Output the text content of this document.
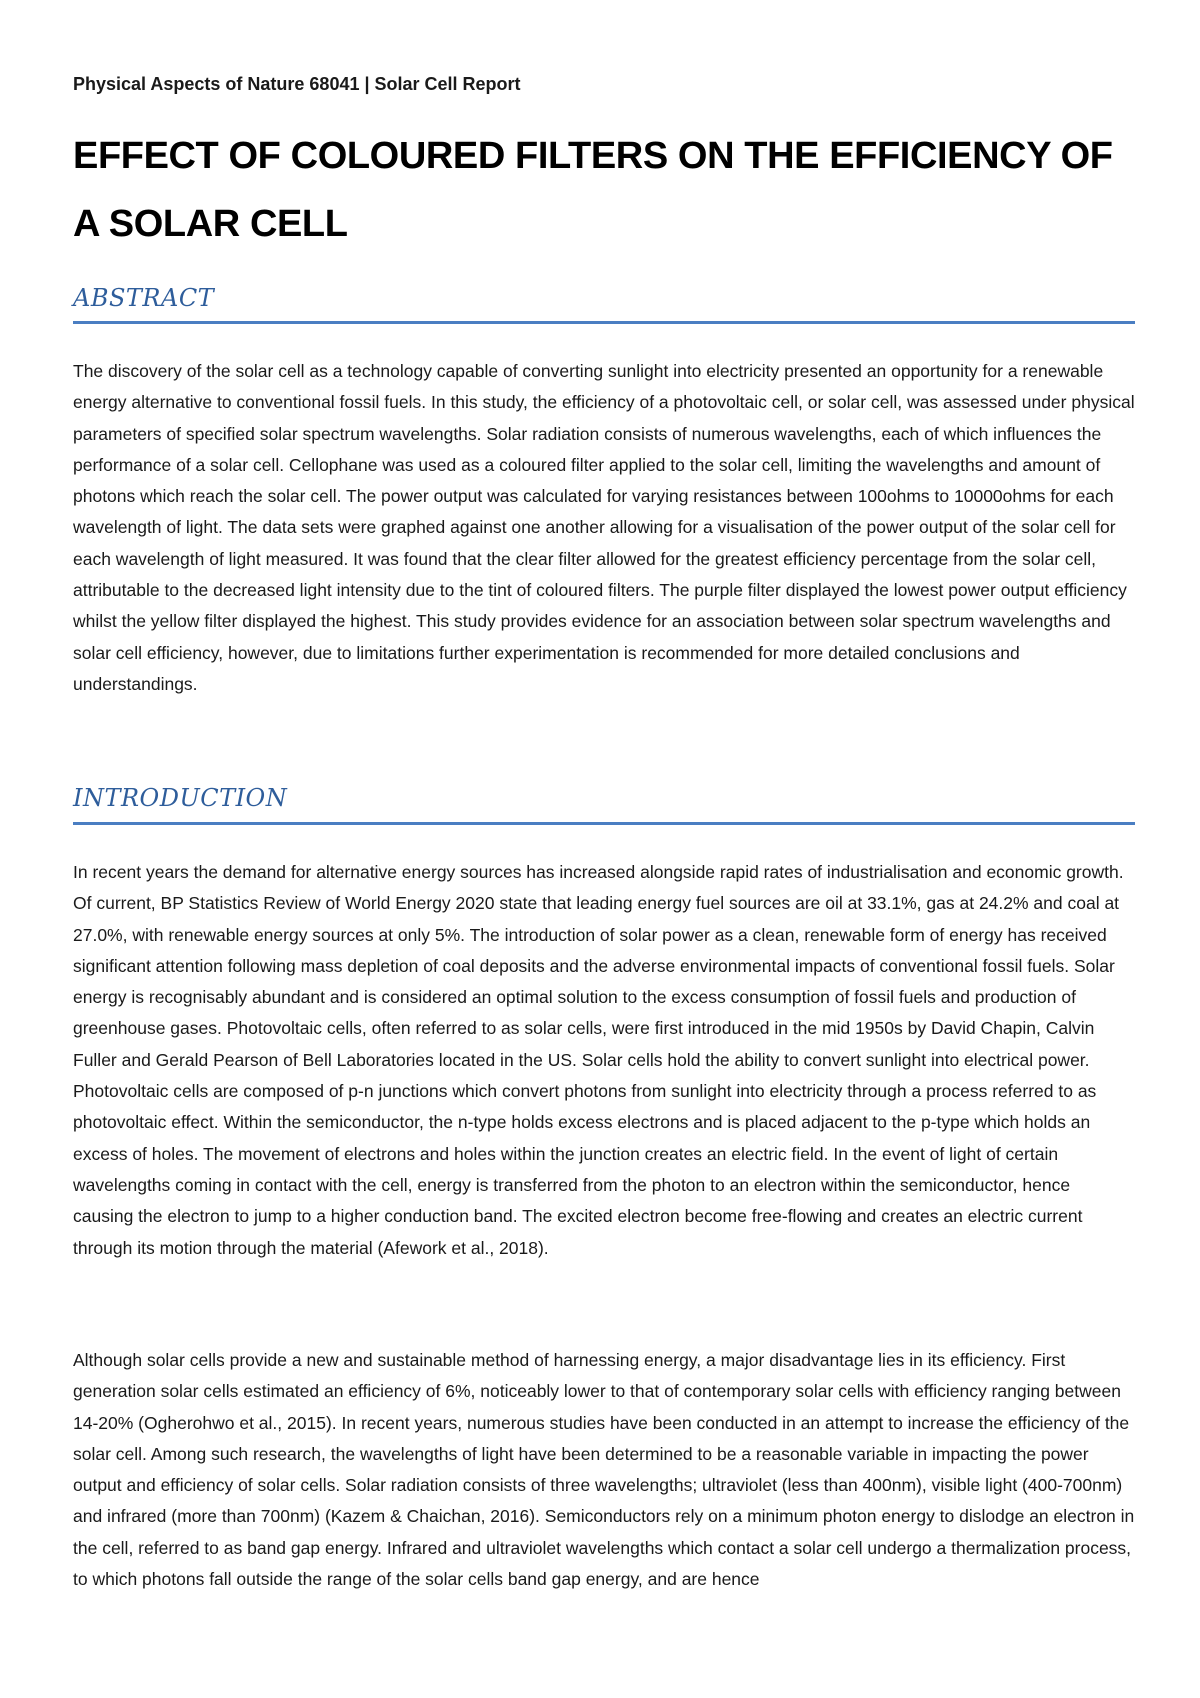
Physical Aspects of Nature 68041 | Solar Cell Report
EFFECT OF COLOURED FILTERS ON THE EFFICIENCY OF A SOLAR CELL
ABSTRACT

The discovery of the solar cell as a technology capable of converting sunlight into electricity presented an opportunity for a renewable energy alternative to conventional fossil fuels. In this study, the efficiency of a photovoltaic cell, or solar cell, was assessed under physical parameters of specified solar spectrum wavelengths. Solar radiation consists of numerous wavelengths, each of which influences the performance of a solar cell. Cellophane was used as a coloured filter applied to the solar cell, limiting the wavelengths and amount of photons which reach the solar cell. The power output was calculated for varying resistances between 100ohms to 10000ohms for each wavelength of light. The data sets were graphed against one another allowing for a visualisation of the power output of the solar cell for each wavelength of light measured. It was found that the clear filter allowed for the greatest efficiency percentage from the solar cell, attributable to the decreased light intensity due to the tint of coloured filters. The purple filter displayed the lowest power output efficiency whilst the yellow filter displayed the highest. This study provides evidence for an association between solar spectrum wavelengths and solar cell efficiency, however, due to limitations further experimentation is recommended for more detailed conclusions and understandings.

INTRODUCTION

In recent years the demand for alternative energy sources has increased alongside rapid rates of industrialisation and economic growth. Of current, BP Statistics Review of World Energy 2020 state that leading energy fuel sources are oil at 33.1%, gas at 24.2% and coal at 27.0%, with renewable energy sources at only 5%. The introduction of solar power as a clean, renewable form of energy has received significant attention following mass depletion of coal deposits and the adverse environmental impacts of conventional fossil fuels. Solar energy is recognisably abundant and is considered an optimal solution to the excess consumption of fossil fuels and production of greenhouse gases. Photovoltaic cells, often referred to as solar cells, were first introduced in the mid 1950s by David Chapin, Calvin Fuller and Gerald Pearson of Bell Laboratories located in the US. Solar cells hold the ability to convert sunlight into electrical power. Photovoltaic cells are composed of p-n junctions which convert photons from sunlight into electricity through a process referred to as photovoltaic effect. Within the semiconductor, the n-type holds excess electrons and is placed adjacent to the p-type which holds an excess of holes. The movement of electrons and holes within the junction creates an electric field. In the event of light of certain wavelengths coming in contact with the cell, energy is transferred from the photon to an electron within the semiconductor, hence causing the electron to jump to a higher conduction band. The excited electron become free-flowing and creates an electric current through its motion through the material (Afework et al., 2018).

Although solar cells provide a new and sustainable method of harnessing energy, a major disadvantage lies in its efficiency. First generation solar cells estimated an efficiency of 6%, noticeably lower to that of contemporary solar cells with efficiency ranging between 14-20% (Ogherohwo et al., 2015). In recent years, numerous studies have been conducted in an attempt to increase the efficiency of the solar cell. Among such research, the wavelengths of light have been determined to be a reasonable variable in impacting the power output and efficiency of solar cells. Solar radiation consists of three wavelengths; ultraviolet (less than 400nm), visible light (400-700nm) and infrared (more than 700nm) (Kazem & Chaichan, 2016). Semiconductors rely on a minimum photon energy to dislodge an electron in the cell, referred to as band gap energy. Infrared and ultraviolet wavelengths which contact a solar cell undergo a thermalization process, to which photons fall outside the range of the solar cells band gap energy, and are hence
